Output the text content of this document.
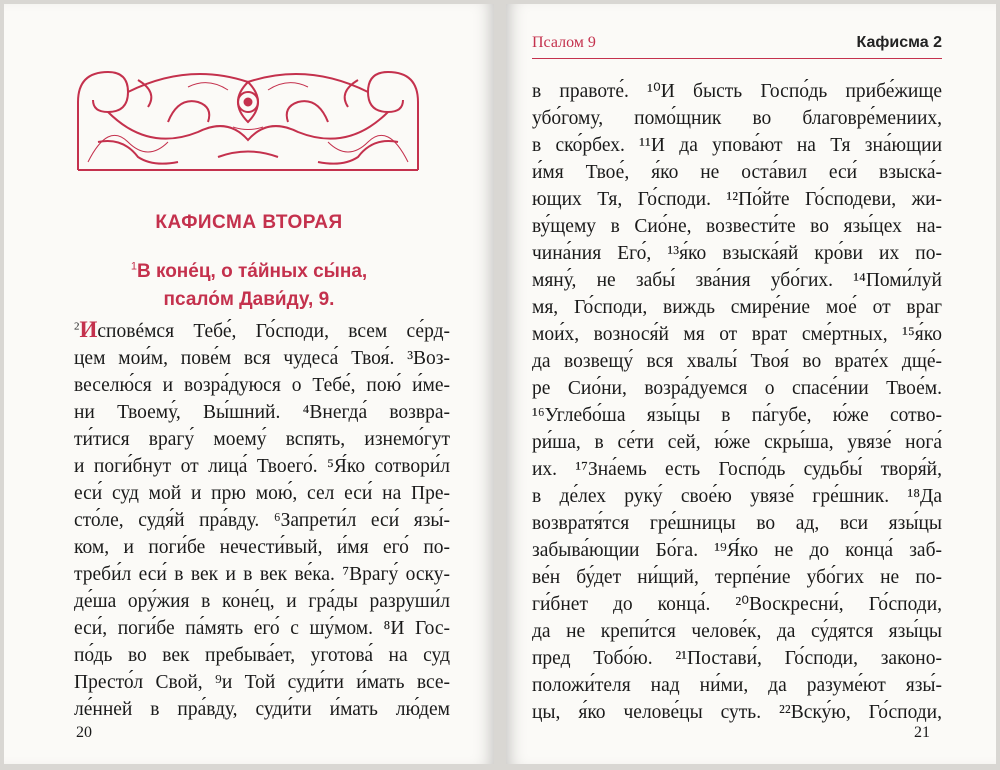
КАФИСМА ВТОРАЯ
$^1$В коне́ц, о та́йных сы́на,
псало́м Дави́ду, 9.
$^2$Исповéмся Тебе́, Го́споди, всем се́рд-
цем мои́м, пове́м вся чудеса́ Твоя́. ³Воз-
веселю́ся и возра́дуюся о Тебе́, пою́ и́ме-
ни Твоему́, Вы́шний. ⁴Внегда́ возвра-
ти́тися врагу́ моему́ вспять, изнемо́гут
и поги́бнут от лица́ Твоего́. ⁵Я́ко сотвори́л
еси́ суд мой и прю мою́, сел еси́ на Пре-
сто́ле, судя́й пра́вду. ⁶Запрети́л еси́ язы́-
ком, и поги́бе нечести́вый, и́мя его́ по-
треби́л еси́ в век и в век ве́ка. ⁷Врагу́ оску-
де́ша ору́жия в коне́ц, и гра́ды разруши́л
еси́, поги́бе па́мять его́ с шу́мом. ⁸И Гос-
по́дь во век пребыва́ет, уготова́ на суд
Престо́л Свой, ⁹и Той суди́ти и́мать все-
ле́нней в пра́вду, суди́ти и́мать лю́дем
20
Псалом 9	Кафисма 2
в правоте́. ¹⁰И бысть Госпо́дь прибе́жище
убо́гому, помо́щник во благовре́мениих,
в ско́рбех. ¹¹И да упова́ют на Тя зна́ющии
и́мя Твое́, я́ко не оста́вил еси́ взыска́-
ющих Тя, Го́споди. ¹²По́йте Го́сподеви, жи-
ву́щему в Сио́не, возвести́те во язы́цех на-
чина́ния Его́, ¹³я́ко взыска́яй кро́ви их по-
мяну́, не забы́ зва́ния убо́гих. ¹⁴Поми́луй
мя, Го́споди, виждь смире́ние мое́ от враг
мои́х, вознося́й мя от врат сме́ртных, ¹⁵я́ко
да возвещу́ вся хвалы́ Твоя́ во врате́х дще́-
ре Сио́ни, возра́дуемся о спасе́нии Твое́м.
¹⁶Углебо́ша язы́цы в па́губе, ю́же сотво-
ри́ша, в се́ти сей, ю́же скры́ша, увязе́ нога́
их. ¹⁷Зна́емь есть Госпо́дь судьбы́ творя́й,
в де́лех руку́ свое́ю увязе́ гре́шник. ¹⁸Да
возвратя́тся гре́шницы во ад, вси язы́цы
забыва́ющии Бо́га. ¹⁹Я́ко не до конца́ заб-
ве́н бу́дет ни́щий, терпе́ние убо́гих не по-
ги́бнет до конца́. ²⁰Воскресни́, Го́споди,
да не крепи́тся челове́к, да су́дятся язы́цы
пред Тобо́ю. ²¹Постави́, Го́споди, законо-
положи́теля над ни́ми, да разуме́ют язы́-
цы, я́ко челове́цы суть. ²²Вску́ю, Го́споди,
21
